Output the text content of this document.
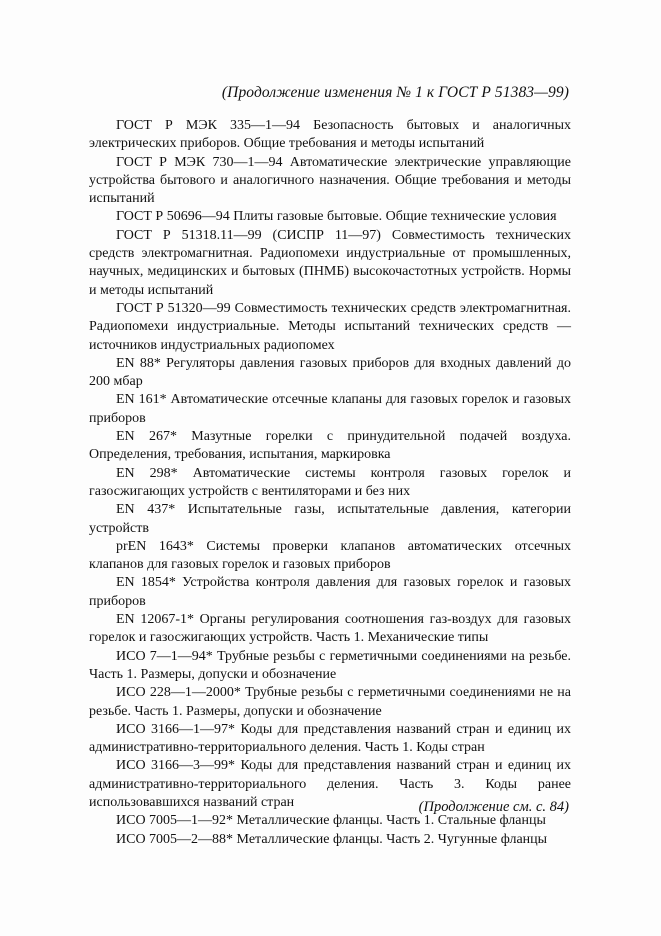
(Продолжение изменения № 1 к ГОСТ Р 51383—99)

ГОСТ Р МЭК 335—1—94 Безопасность бытовых и аналогичных электрических приборов. Общие требования и методы испытаний

ГОСТ Р МЭК 730—1—94 Автоматические электрические управляющие устройства бытового и аналогичного назначения. Общие требования и методы испытаний

ГОСТ Р 50696—94 Плиты газовые бытовые. Общие технические условия

ГОСТ Р 51318.11—99 (СИСПР 11—97) Совместимость технических средств электромагнитная. Радиопомехи индустриальные от промышленных, научных, медицинских и бытовых (ПНМБ) высокочастотных устройств. Нормы и методы испытаний

ГОСТ Р 51320—99 Совместимость технических средств электромагнитная. Радиопомехи индустриальные. Методы испытаний технических средств — источников индустриальных радиопомех

EN 88* Регуляторы давления газовых приборов для входных давлений до 200 мбар

EN 161* Автоматические отсечные клапаны для газовых горелок и газовых приборов

EN 267* Мазутные горелки с принудительной подачей воздуха. Определения, требования, испытания, маркировка

EN 298* Автоматические системы контроля газовых горелок и газосжигающих устройств с вентиляторами и без них

EN 437* Испытательные газы, испытательные давления, категории устройств

prEN 1643* Системы проверки клапанов автоматических отсечных клапанов для газовых горелок и газовых приборов

EN 1854* Устройства контроля давления для газовых горелок и газовых приборов

EN 12067-1* Органы регулирования соотношения газ-воздух для газовых горелок и газосжигающих устройств. Часть 1. Механические типы

ИСО 7—1—94* Трубные резьбы с герметичными соединениями на резьбе. Часть 1. Размеры, допуски и обозначение

ИСО 228—1—2000* Трубные резьбы с герметичными соединениями не на резьбе. Часть 1. Размеры, допуски и обозначение

ИСО 3166—1—97* Коды для представления названий стран и единиц их административно-территориального деления. Часть 1. Коды стран

ИСО 3166—3—99* Коды для представления названий стран и единиц их административно-территориального деления. Часть 3. Коды ранее использовавшихся названий стран

ИСО 7005—1—92* Металлические фланцы. Часть 1. Стальные фланцы

ИСО 7005—2—88* Металлические фланцы. Часть 2. Чугунные фланцы

(Продолжение см. с. 84)
